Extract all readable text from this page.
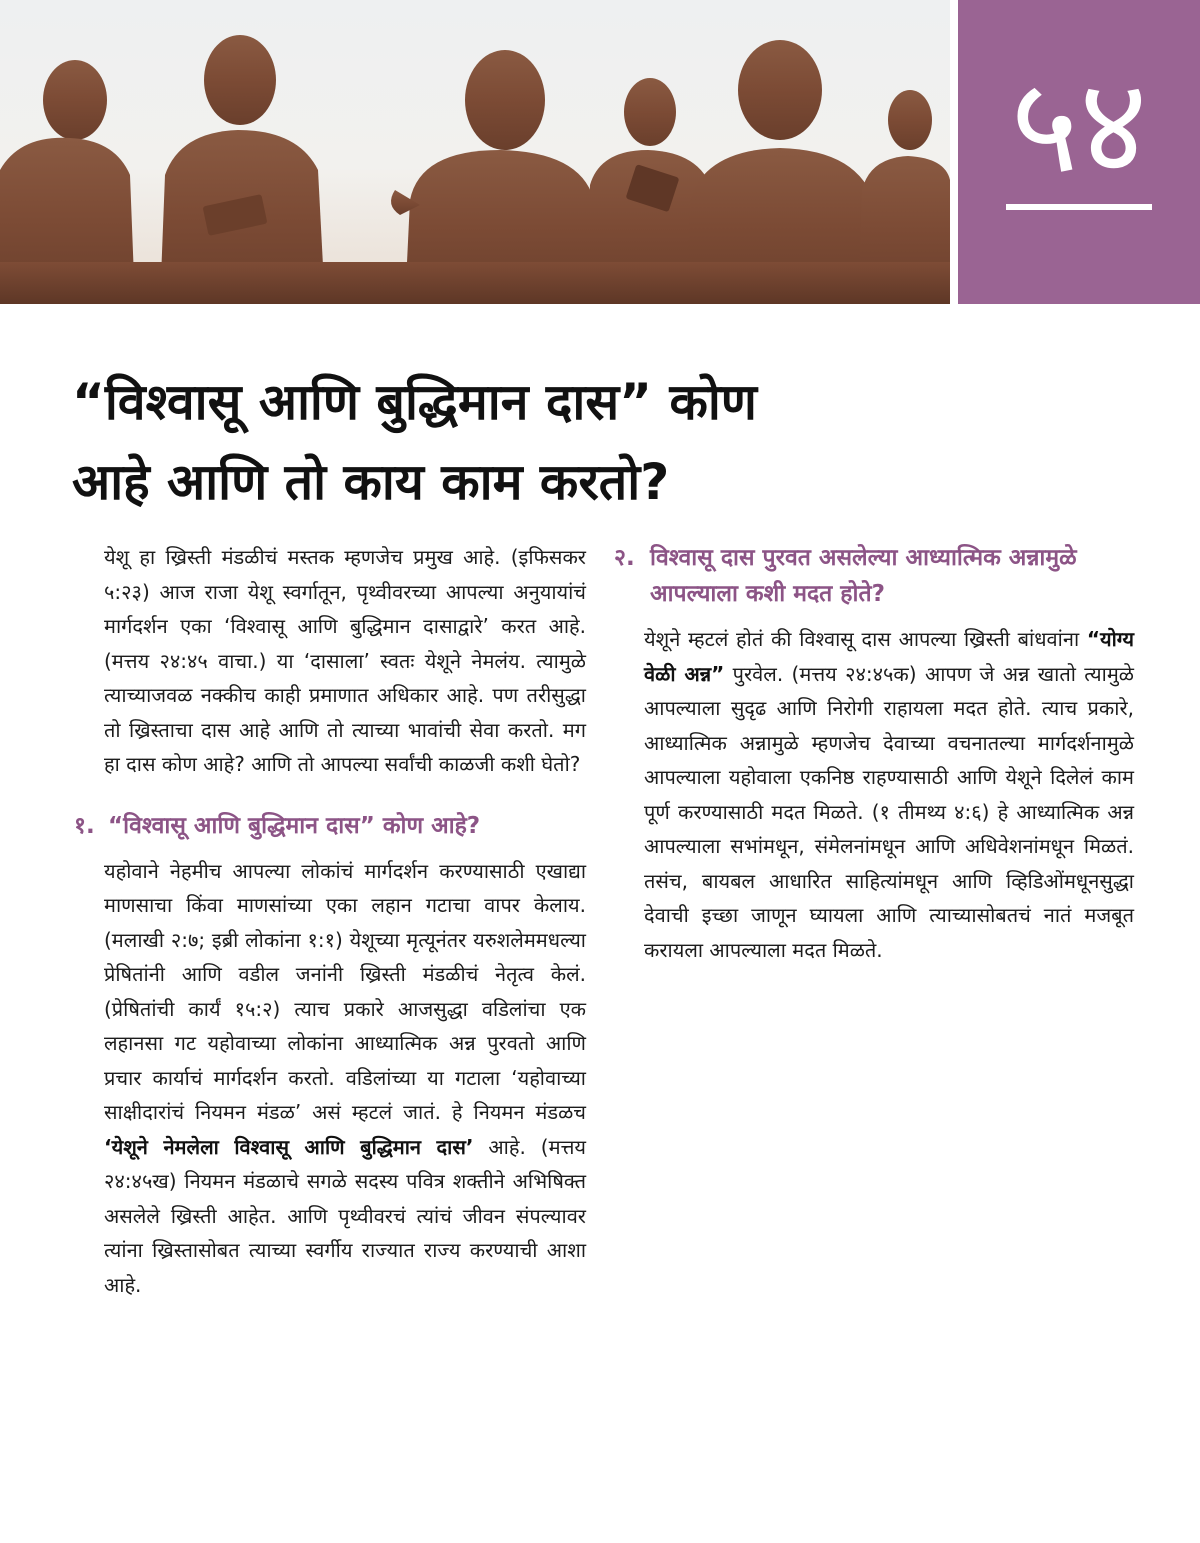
५४
“विश्वासू आणि बुद्धिमान दास” कोण
आहे आणि तो काय काम करतो?

येशू हा ख्रिस्ती मंडळीचं मस्तक म्हणजेच प्रमुख आहे. (इफिसकर ५:२३) आज राजा येशू स्वर्गातून, पृथ्वीवरच्या आपल्या अनुयायांचं मार्गदर्शन एका ‘विश्वासू आणि बुद्धिमान दासाद्वारे’ करत आहे. (मत्तय २४:४५ वाचा.) या ‘दासाला’ स्वतः येशूने नेमलंय. त्यामुळे त्याच्याजवळ नक्कीच काही प्रमाणात अधिकार आहे. पण तरीसुद्धा तो ख्रिस्ताचा दास आहे आणि तो त्याच्या भावांची सेवा करतो. मग हा दास कोण आहे? आणि तो आपल्या सर्वांची काळजी कशी घेतो?

१. “विश्वासू आणि बुद्धिमान दास” कोण आहे?

यहोवाने नेहमीच आपल्या लोकांचं मार्गदर्शन करण्यासाठी एखाद्या माणसाचा किंवा माणसांच्या एका लहान गटाचा वापर केलाय. (मलाखी २:७; इब्री लोकांना १:१) येशूच्या मृत्यूनंतर यरुशलेममधल्या प्रेषितांनी आणि वडील जनांनी ख्रिस्ती मंडळीचं नेतृत्व केलं. (प्रेषितांची कार्यं १५:२) त्याच प्रकारे आजसुद्धा वडिलांचा एक लहानसा गट यहोवाच्या लोकांना आध्यात्मिक अन्न पुरवतो आणि प्रचार कार्याचं मार्गदर्शन करतो. वडिलांच्या या गटाला ‘यहोवाच्या साक्षीदारांचं नियमन मंडळ’ असं म्हटलं जातं. हे नियमन मंडळच ‘येशूने नेमलेला विश्वासू आणि बुद्धिमान दास’ आहे. (मत्तय २४:४५ख) नियमन मंडळाचे सगळे सदस्य पवित्र शक्तीने अभिषिक्त असलेले ख्रिस्ती आहेत. आणि पृथ्वीवरचं त्यांचं जीवन संपल्यावर त्यांना ख्रिस्तासोबत त्याच्या स्वर्गीय राज्यात राज्य करण्याची आशा आहे.

२. विश्वासू दास पुरवत असलेल्या आध्यात्मिक अन्नामुळे आपल्याला कशी मदत होते?

येशूने म्हटलं होतं की विश्वासू दास आपल्या ख्रिस्ती बांधवांना “योग्य वेळी अन्न” पुरवेल. (मत्तय २४:४५क) आपण जे अन्न खातो त्यामुळे आपल्याला सुदृढ आणि निरोगी राहायला मदत होते. त्याच प्रकारे, आध्यात्मिक अन्नामुळे म्हणजेच देवाच्या वचनातल्या मार्गदर्शनामुळे आपल्याला यहोवाला एकनिष्ठ राहण्यासाठी आणि येशूने दिलेलं काम पूर्ण करण्यासाठी मदत मिळते. (१ तीमथ्य ४:६) हे आध्यात्मिक अन्न आपल्याला सभांमधून, संमेलनांमधून आणि अधिवेशनांमधून मिळतं. तसंच, बायबल आधारित साहित्यांमधून आणि व्हिडिओंमधूनसुद्धा देवाची इच्छा जाणून घ्यायला आणि त्याच्यासोबतचं नातं मजबूत करायला आपल्याला मदत मिळते.
